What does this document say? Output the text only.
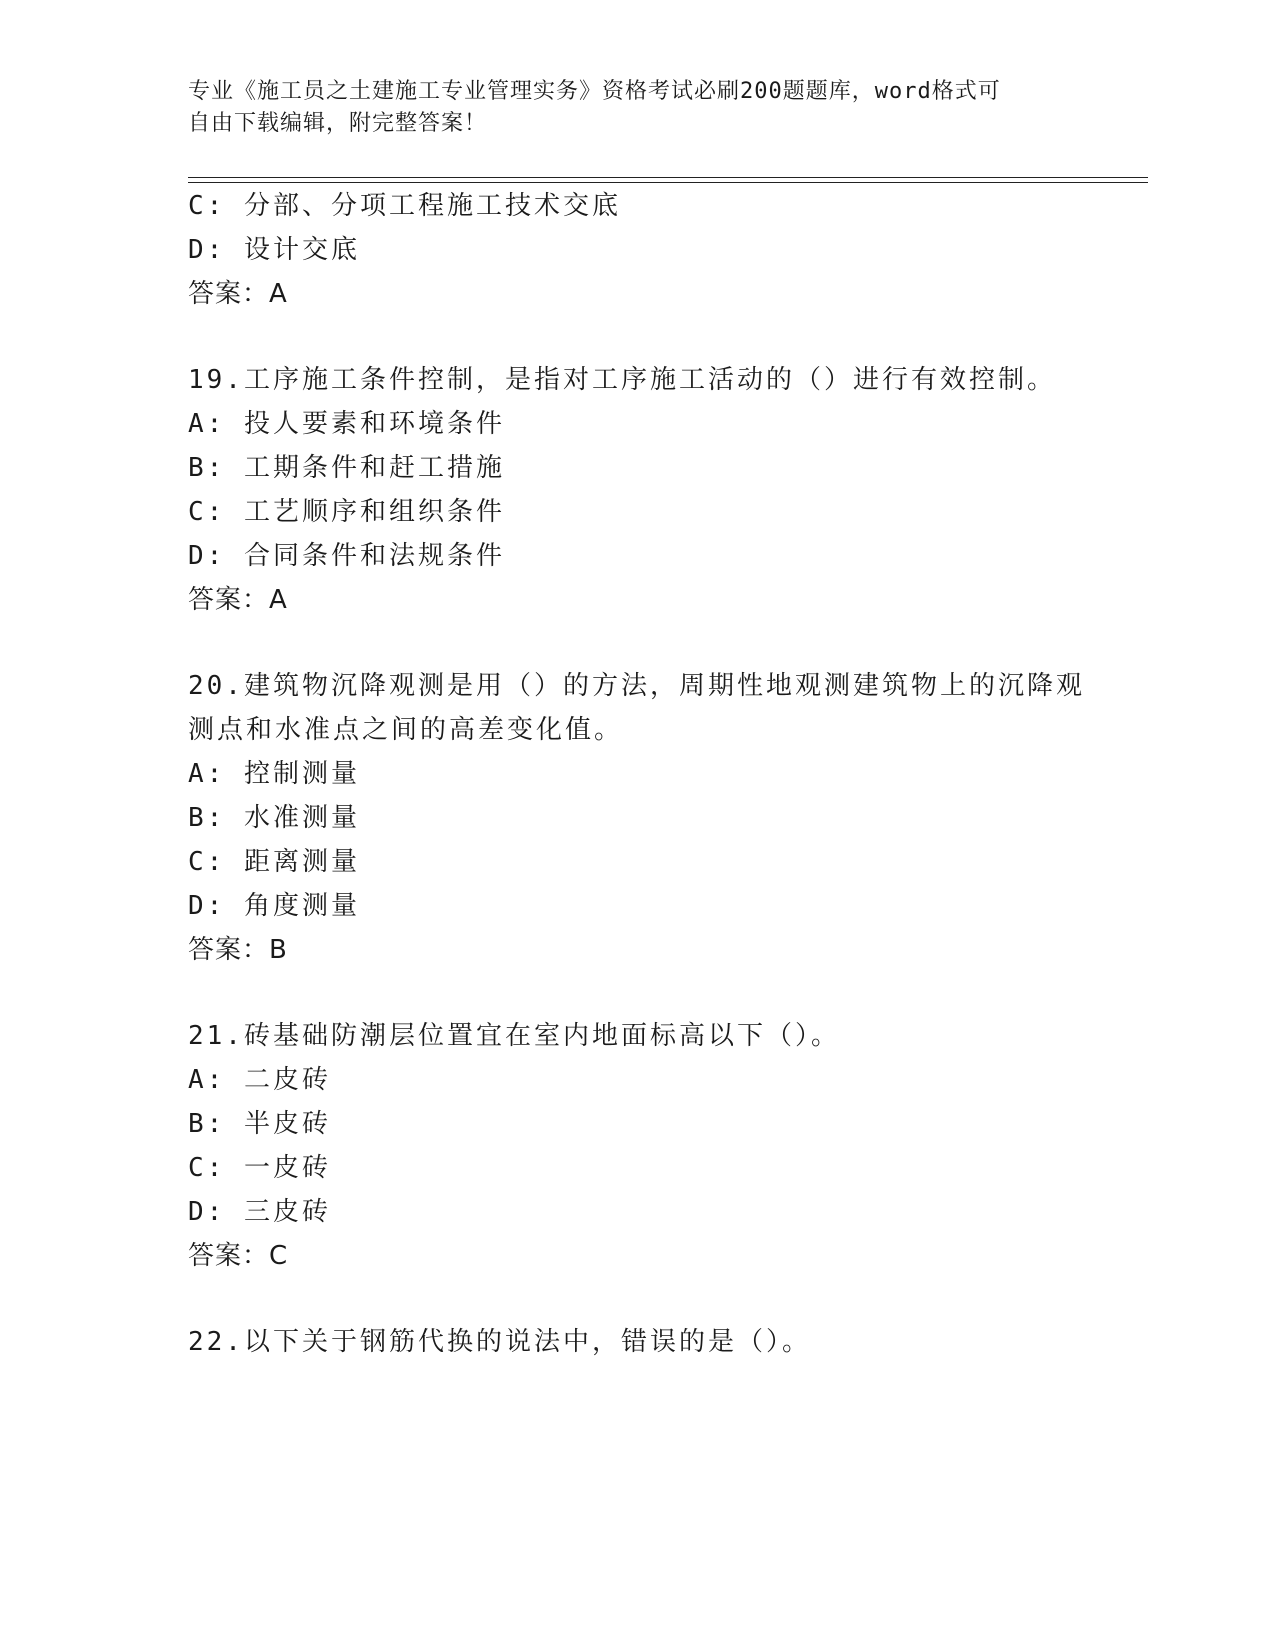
专业《施工员之土建施工专业管理实务》资格考试必刷200题题库，word格式可
自由下载编辑，附完整答案！
C: 分部、分项工程施工技术交底
D: 设计交底
答案：A
19.工序施工条件控制，是指对工序施工活动的（）进行有效控制。
A: 投人要素和环境条件
B: 工期条件和赶工措施
C: 工艺顺序和组织条件
D: 合同条件和法规条件
答案：A
20.建筑物沉降观测是用（）的方法，周期性地观测建筑物上的沉降观
测点和水准点之间的高差变化值。
A: 控制测量
B: 水准测量
C: 距离测量
D: 角度测量
答案：B
21.砖基础防潮层位置宜在室内地面标高以下（）。
A: 二皮砖
B: 半皮砖
C: 一皮砖
D: 三皮砖
答案：C
22.以下关于钢筋代换的说法中，错误的是（）。
